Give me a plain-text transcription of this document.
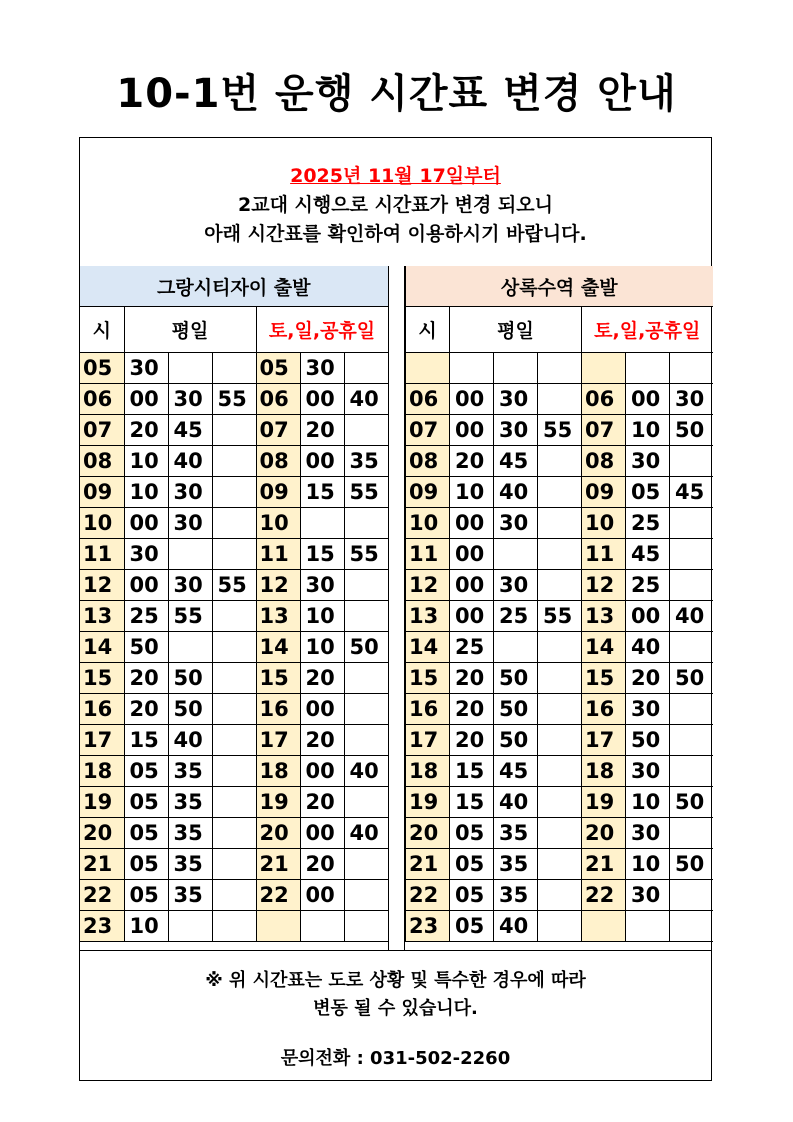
10-1번 운행 시간표 변경 안내
2025년 11월 17일부터
2교대 시행으로 시간표가 변경 되오니
아래 시간표를 확인하여 이용하시기 바랍니다.
그랑시티자이 출발						
시	평일			토,일,공휴일		
05	30			05	30	
06	00	30	55	06	00	40
07	20	45		07	20	
08	10	40		08	00	35
09	10	30		09	15	55
10	00	30		10		
11	30			11	15	55
12	00	30	55	12	30	
13	25	55		13	10	
14	50			14	10	50
15	20	50		15	20	
16	20	50		16	00	
17	15	40		17	20	
18	05	35		18	00	40
19	05	35		19	20	
20	05	35		20	00	40
21	05	35		21	20	
22	05	35		22	00	
23	10					
상록수역 출발						
시	평일			토,일,공휴일		

06	00	30		06	00	30
07	00	30	55	07	10	50
08	20	45		08	30	
09	10	40		09	05	45
10	00	30		10	25	
11	00			11	45	
12	00	30		12	25	
13	00	25	55	13	00	40
14	25			14	40	
15	20	50		15	20	50
16	20	50		16	30	
17	20	50		17	50	
18	15	45		18	30	
19	15	40		19	10	50
20	05	35		20	30	
21	05	35		21	10	50
22	05	35		22	30	
23	05	40				
※ 위 시간표는 도로 상황 및 특수한 경우에 따라
변동 될 수 있습니다.
문의전화 : 031-502-2260
